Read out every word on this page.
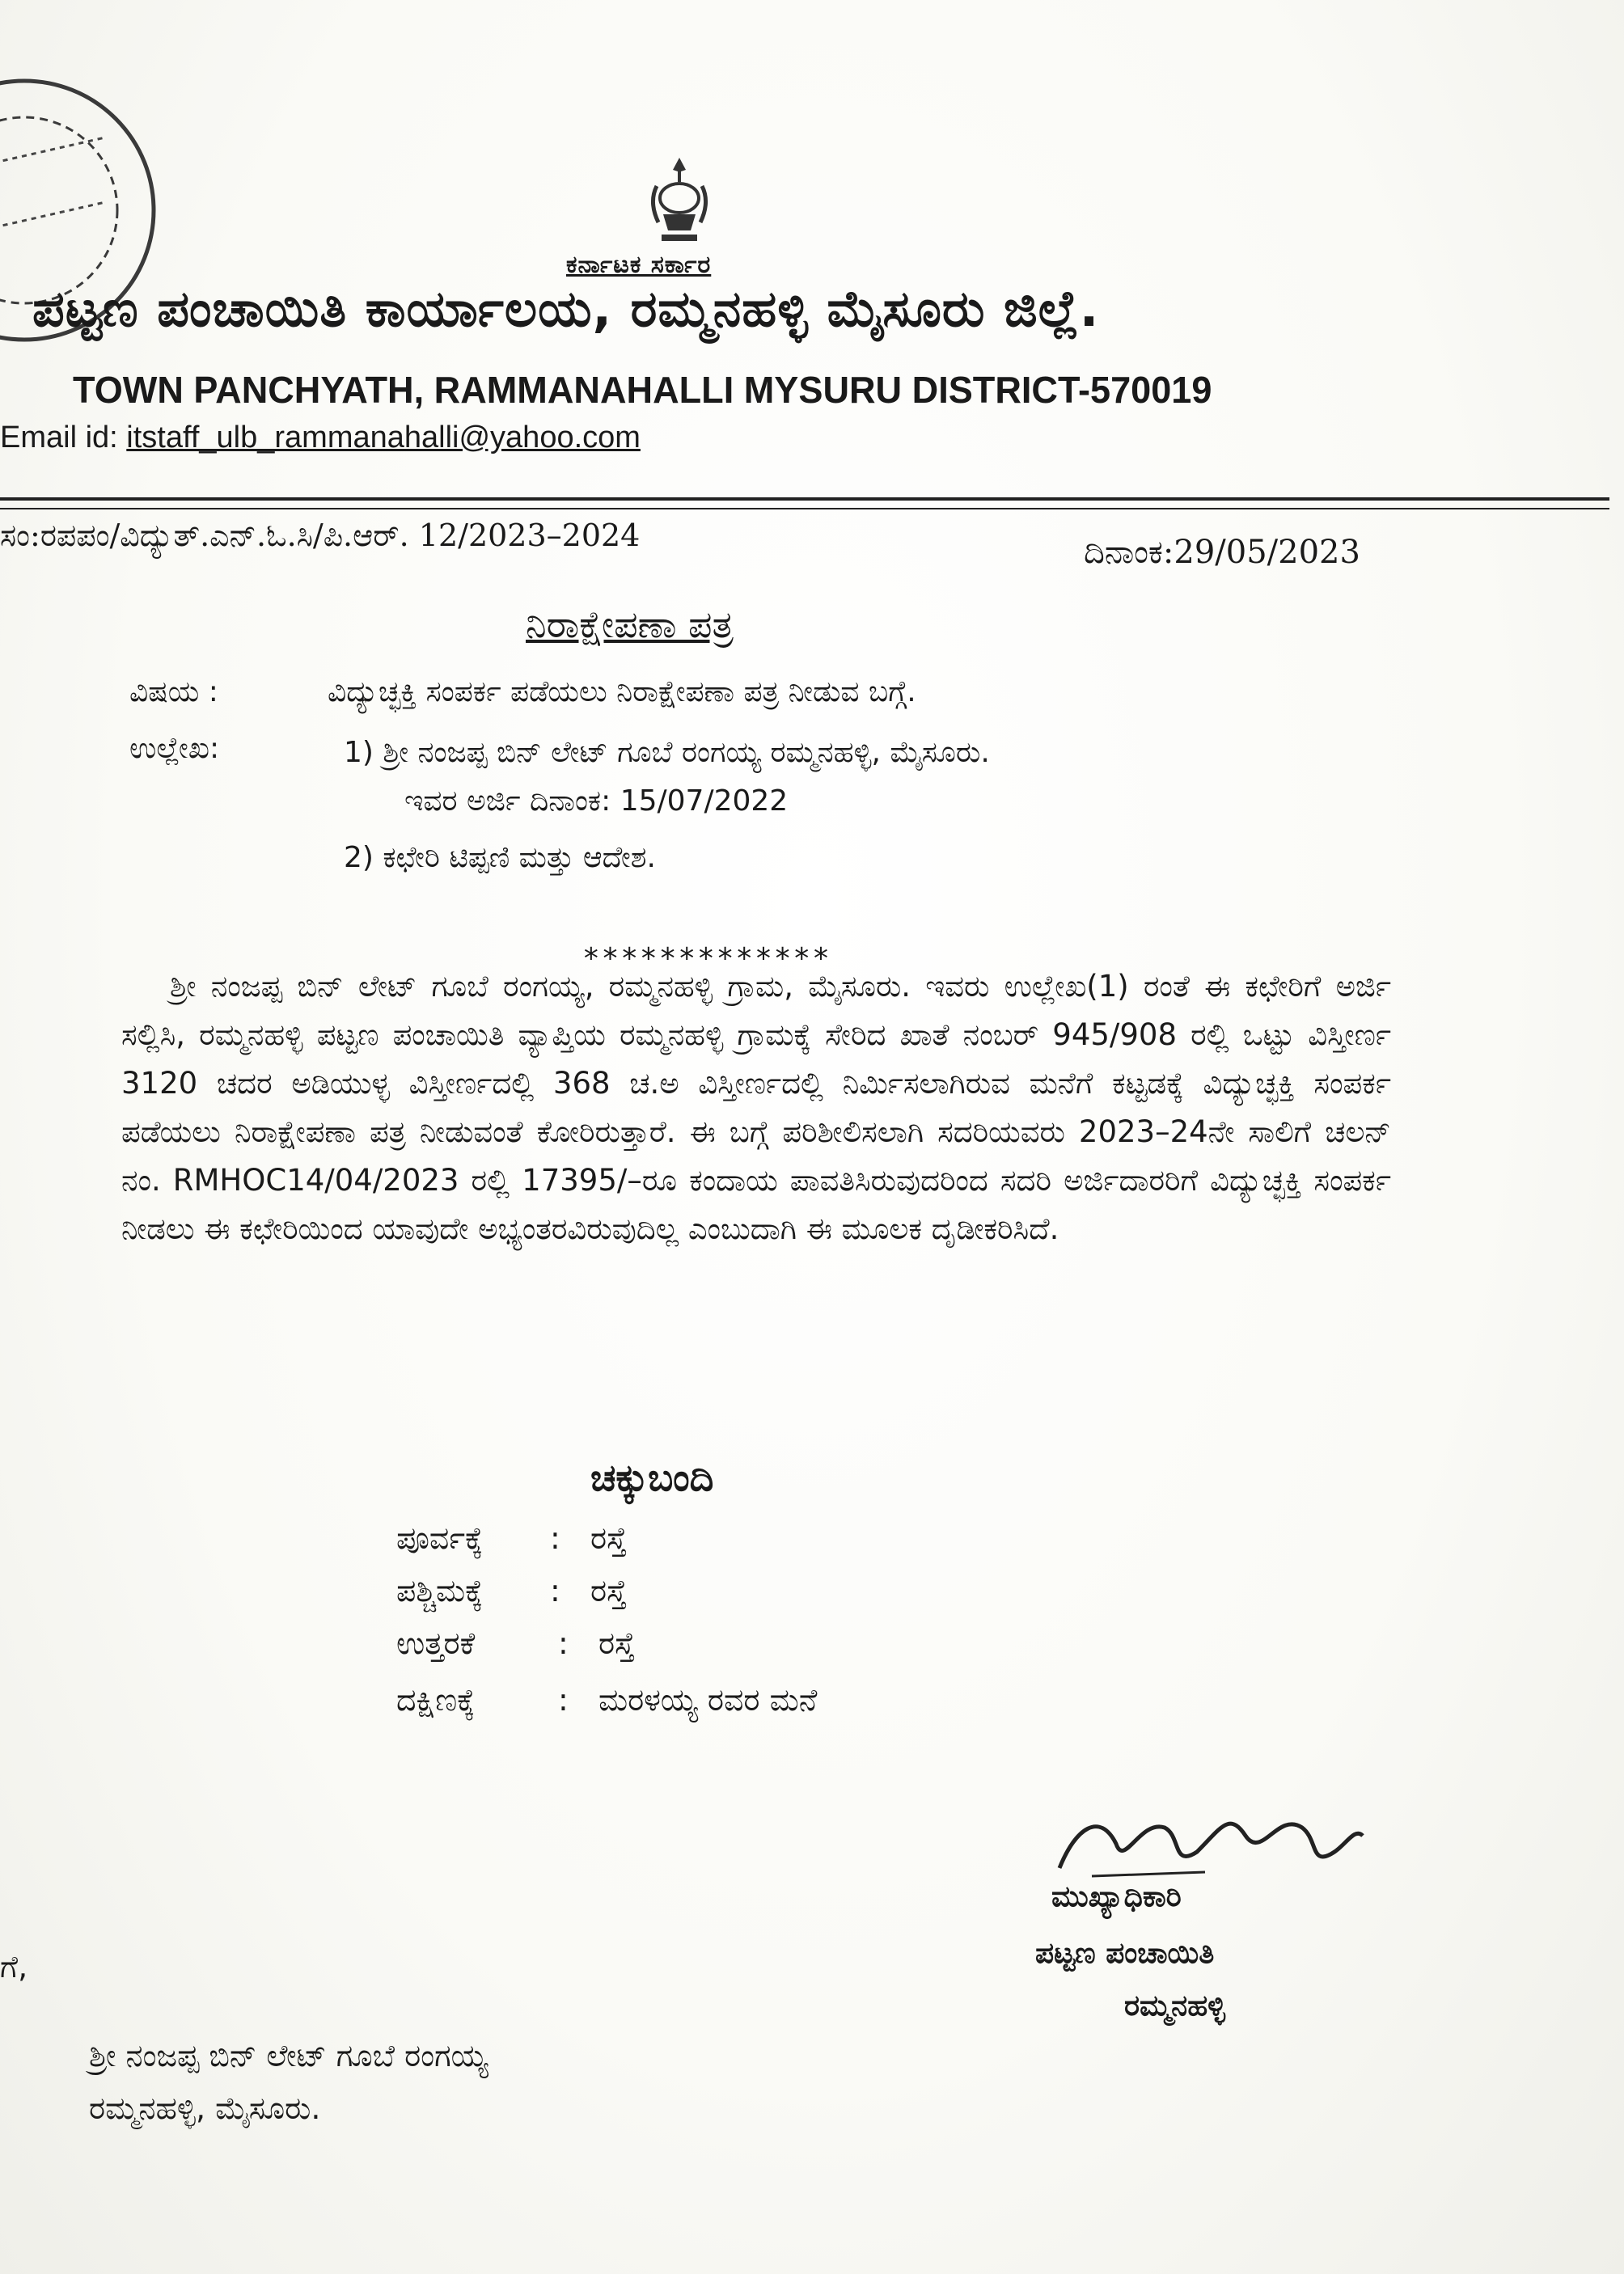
ಕರ್ನಾಟಕ ಸರ್ಕಾರ
ಪಟ್ಟಣ ಪಂಚಾಯಿತಿ ಕಾರ್ಯಾಲಯ, ರಮ್ಮನಹಳ್ಳಿ ಮೈಸೂರು ಜಿಲ್ಲೆ.
TOWN PANCHYATH, RAMMANAHALLI MYSURU DISTRICT-570019
Email id: itstaff_ulb_rammanahalli@yahoo.com
ಸಂ:ರಪಪಂ/ವಿದ್ಯುತ್.ಎನ್.ಓ.ಸಿ/ಪಿ.ಆರ್. 12/2023–2024	ದಿನಾಂಕ:29/05/2023
ನಿರಾಕ್ಷೇಪಣಾ ಪತ್ರ
ವಿಷಯ :	ವಿದ್ಯುಚ್ಛಕ್ತಿ ಸಂಪರ್ಕ ಪಡೆಯಲು ನಿರಾಕ್ಷೇಪಣಾ ಪತ್ರ ನೀಡುವ ಬಗ್ಗೆ.
ಉಲ್ಲೇಖ:	1) ಶ್ರೀ ನಂಜಪ್ಪ ಬಿನ್ ಲೇಟ್ ಗೂಬೆ ರಂಗಯ್ಯ ರಮ್ಮನಹಳ್ಳಿ, ಮೈಸೂರು.
ಇವರ ಅರ್ಜಿ ದಿನಾಂಕ: 15/07/2022
2) ಕಛೇರಿ ಟಿಪ್ಪಣಿ ಮತ್ತು ಆದೇಶ.
*************

ಶ್ರೀ ನಂಜಪ್ಪ ಬಿನ್ ಲೇಟ್ ಗೂಬೆ ರಂಗಯ್ಯ, ರಮ್ಮನಹಳ್ಳಿ ಗ್ರಾಮ, ಮೈಸೂರು. ಇವರು ಉಲ್ಲೇಖ(1) ರಂತೆ ಈ ಕಛೇರಿಗೆ ಅರ್ಜಿ ಸಲ್ಲಿಸಿ, ರಮ್ಮನಹಳ್ಳಿ ಪಟ್ಟಣ ಪಂಚಾಯಿತಿ ವ್ಯಾಪ್ತಿಯ ರಮ್ಮನಹಳ್ಳಿ ಗ್ರಾಮಕ್ಕೆ ಸೇರಿದ ಖಾತೆ ನಂಬರ್ 945/908 ರಲ್ಲಿ ಒಟ್ಟು ವಿಸ್ತೀರ್ಣ 3120 ಚದರ ಅಡಿಯುಳ್ಳ ವಿಸ್ತೀರ್ಣದಲ್ಲಿ 368 ಚ.ಅ ವಿಸ್ತೀರ್ಣದಲ್ಲಿ ನಿರ್ಮಿಸಲಾಗಿರುವ ಮನೆಗೆ ಕಟ್ಟಡಕ್ಕೆ ವಿದ್ಯುಚ್ಛಕ್ತಿ ಸಂಪರ್ಕ ಪಡೆಯಲು ನಿರಾಕ್ಷೇಪಣಾ ಪತ್ರ ನೀಡುವಂತೆ ಕೋರಿರುತ್ತಾರೆ. ಈ ಬಗ್ಗೆ ಪರಿಶೀಲಿಸಲಾಗಿ ಸದರಿಯವರು 2023–24ನೇ ಸಾಲಿಗೆ ಚಲನ್ ನಂ. RMHOC14/04/2023 ರಲ್ಲಿ 17395/–ರೂ ಕಂದಾಯ ಪಾವತಿಸಿರುವುದರಿಂದ ಸದರಿ ಅರ್ಜಿದಾರರಿಗೆ ವಿದ್ಯುಚ್ಛಕ್ತಿ ಸಂಪರ್ಕ ನೀಡಲು ಈ ಕಛೇರಿಯಿಂದ ಯಾವುದೇ ಅಭ್ಯಂತರವಿರುವುದಿಲ್ಲ ಎಂಬುದಾಗಿ ಈ ಮೂಲಕ ದೃಡೀಕರಿಸಿದೆ.

ಚಕ್ಕುಬಂದಿ
ಪೂರ್ವಕ್ಕೆ : ರಸ್ತೆ
ಪಶ್ಚಿಮಕ್ಕೆ : ರಸ್ತೆ
ಉತ್ತರಕೆ	: ರಸ್ತೆ
ದಕ್ಷಿಣಕ್ಕೆ	: ಮರಳಯ್ಯ ರವರ ಮನೆ
ಮುಖ್ಯಾಧಿಕಾರಿ
ಪಟ್ಟಣ ಪಂಚಾಯಿತಿ
ರಮ್ಮನಹಳ್ಳಿ
ಗೆ,
ಶ್ರೀ ನಂಜಪ್ಪ ಬಿನ್ ಲೇಟ್ ಗೂಬೆ ರಂಗಯ್ಯ
ರಮ್ಮನಹಳ್ಳಿ, ಮೈಸೂರು.
